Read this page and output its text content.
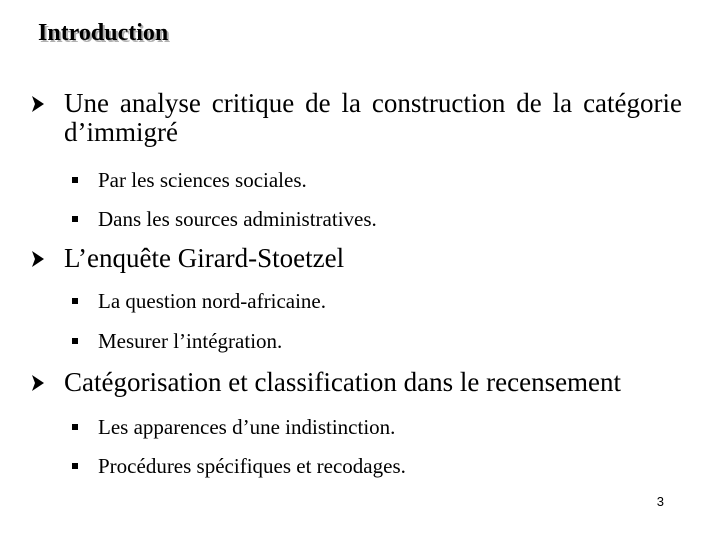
Introduction
Une analyse critique de la construction de la catégorie d’immigré
Par les sciences sociales.
Dans les sources administratives.
L’enquête Girard-Stoetzel
La question nord-africaine.
Mesurer l’intégration.
Catégorisation et classification dans le recensement
Les apparences d’une indistinction.
Procédures spécifiques et recodages.
3
